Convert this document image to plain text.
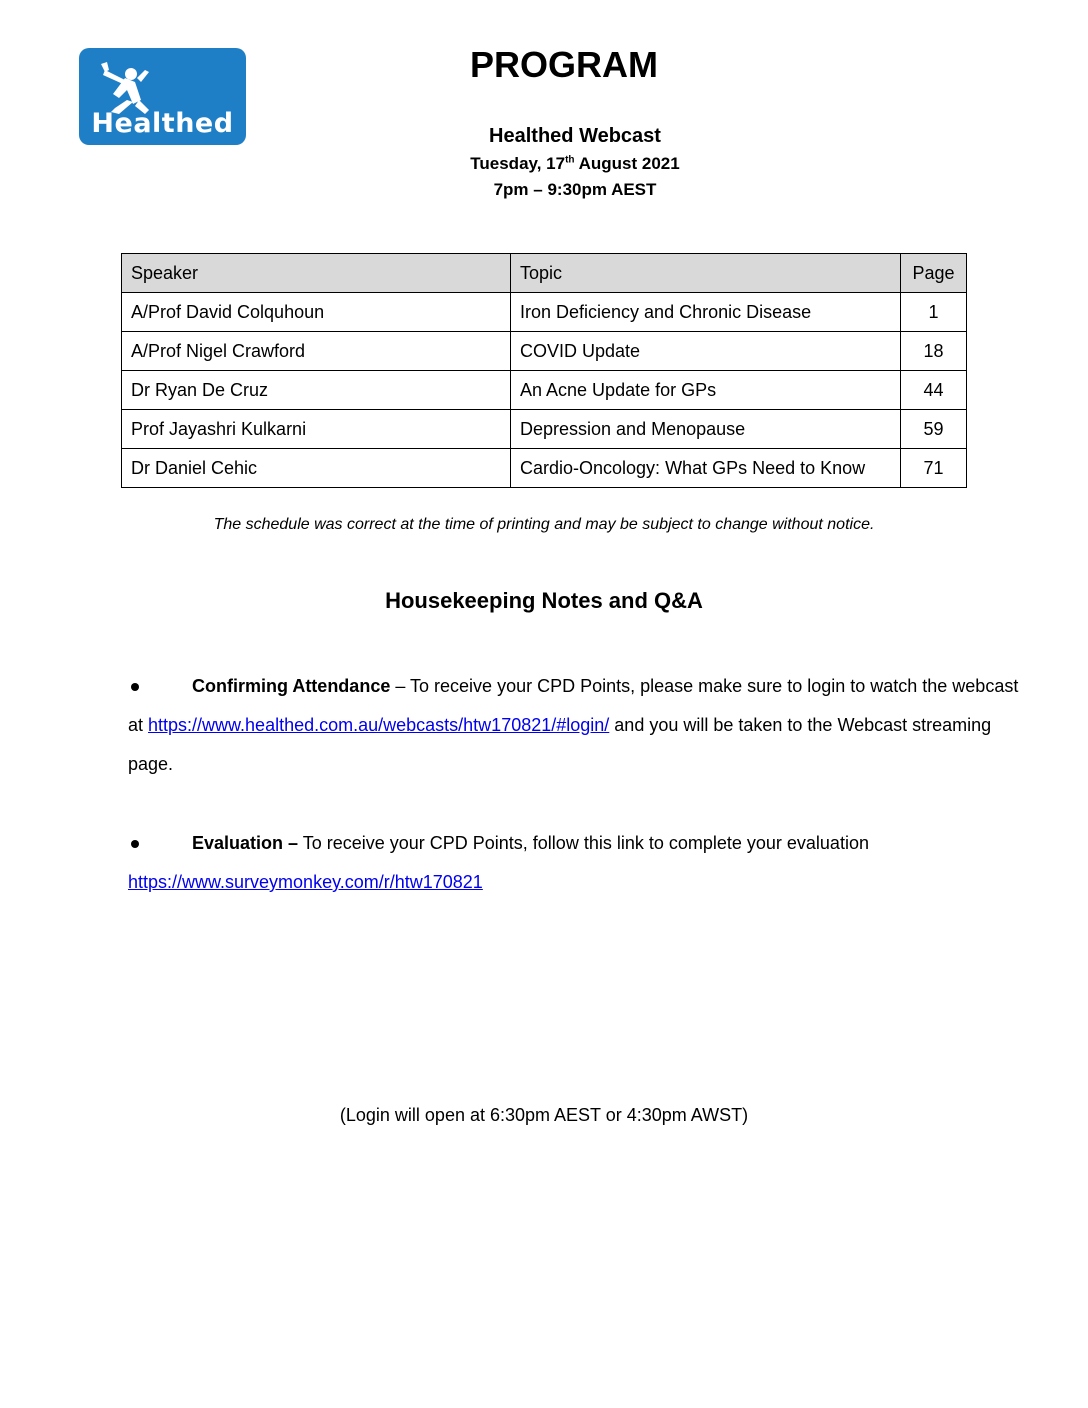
Healthed
PROGRAM
Healthed Webcast
Tuesday, 17th August 2021
7pm – 9:30pm AEST
Speaker	Topic	Page
A/Prof David Colquhoun	Iron Deficiency and Chronic Disease	1
A/Prof Nigel Crawford	COVID Update	18
Dr Ryan De Cruz	An Acne Update for GPs	44
Prof Jayashri Kulkarni	Depression and Menopause	59
Dr Daniel Cehic	Cardio-Oncology: What GPs Need to Know	71
The schedule was correct at the time of printing and may be subject to change without notice.
Housekeeping Notes and Q&A
Confirming Attendance – To receive your CPD Points, please make sure to login to watch the webcast at https://www.healthed.com.au/webcasts/htw170821/#login/ and you will be taken to the Webcast streaming page.
Evaluation – To receive your CPD Points, follow this link to complete your evaluation
https://www.surveymonkey.com/r/htw170821
(Login will open at 6:30pm AEST or 4:30pm AWST)
